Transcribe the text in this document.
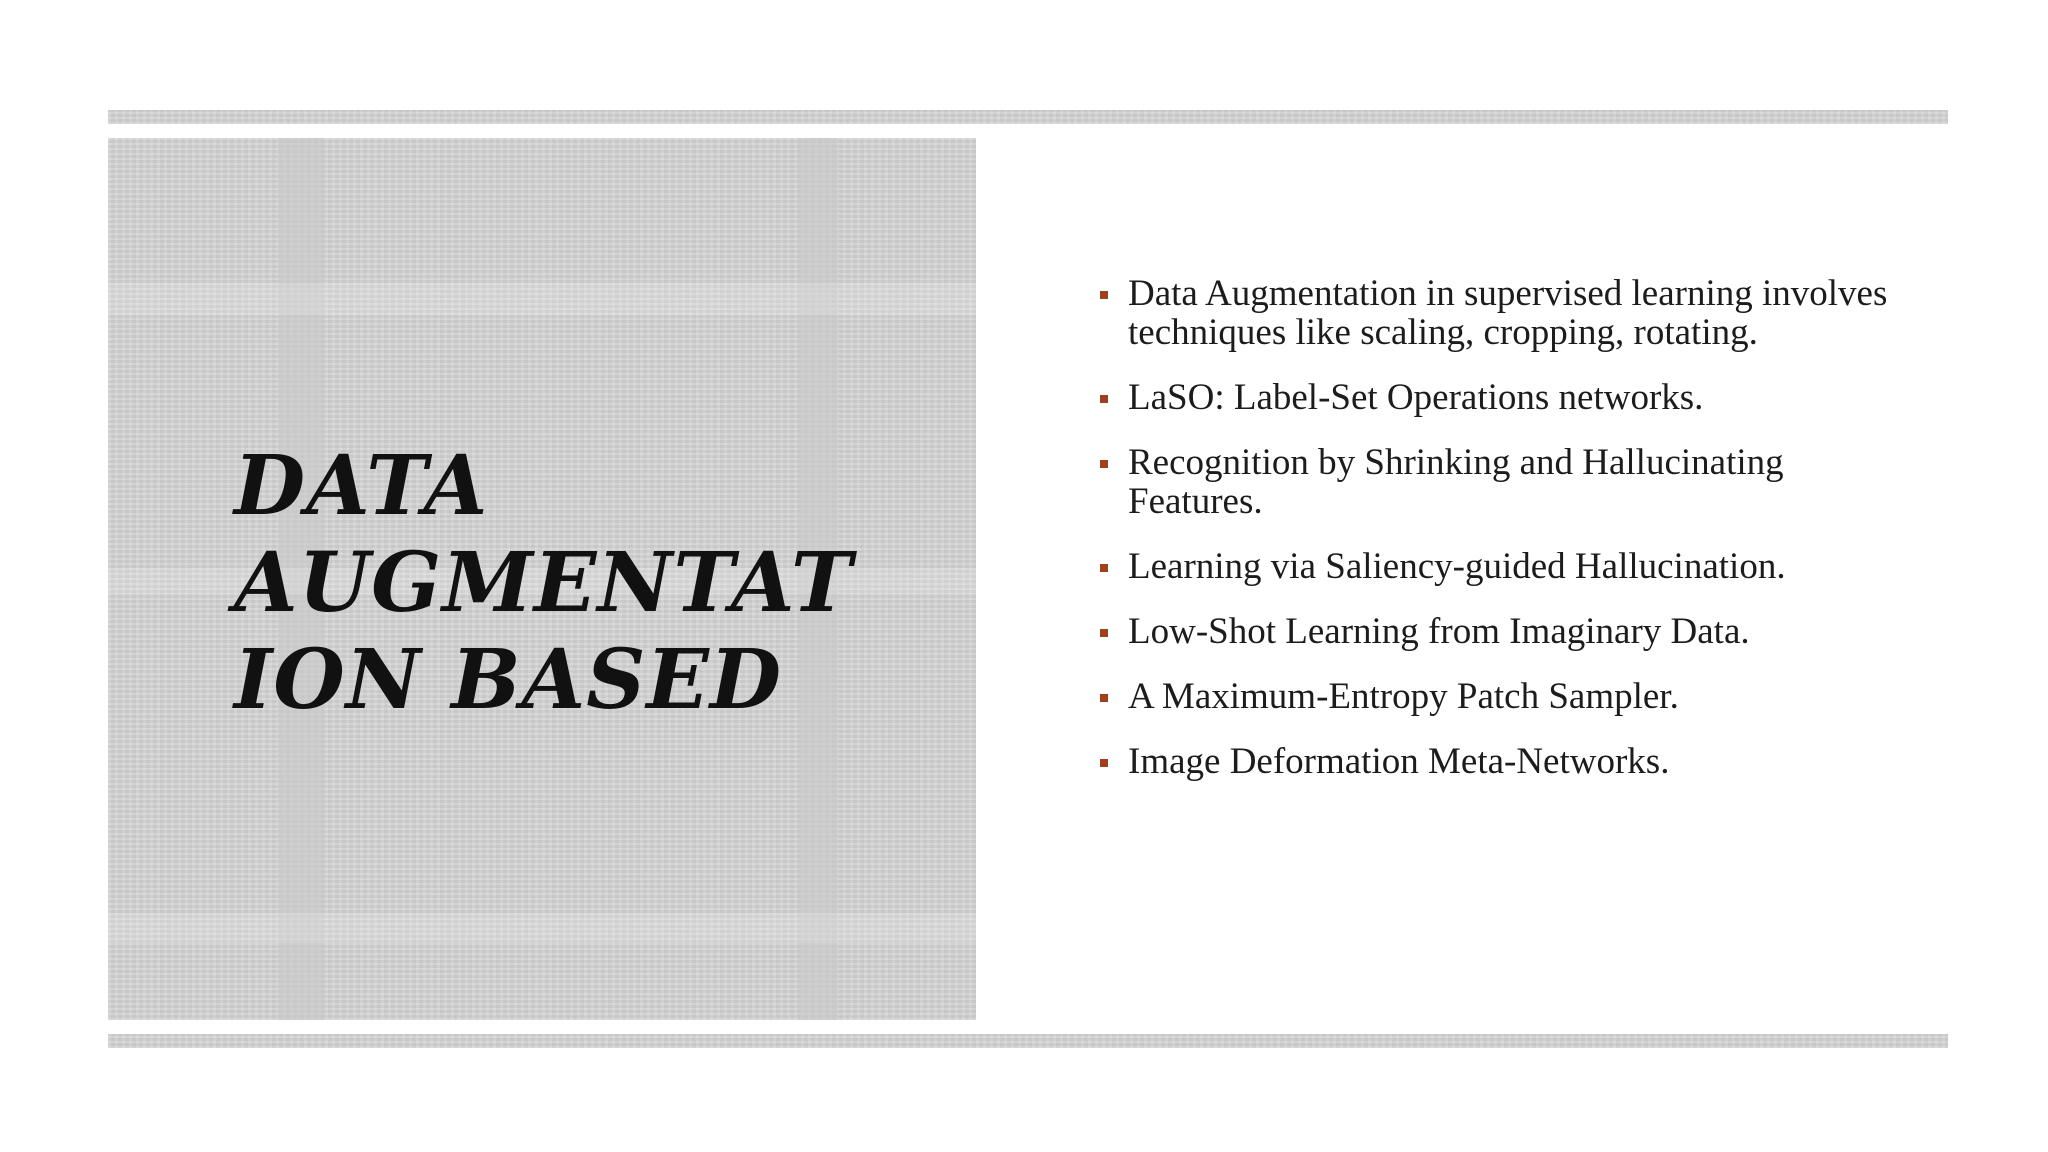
DATA
AUGMENTAT
ION BASED
Data Augmentation in supervised learning involves techniques like scaling, cropping, rotating.
LaSO: Label-Set Operations networks.
Recognition by Shrinking and Hallucinating Features.
Learning via Saliency-guided Hallucination.
Low-Shot Learning from Imaginary Data.
A Maximum-Entropy Patch Sampler.
Image Deformation Meta-Networks.
